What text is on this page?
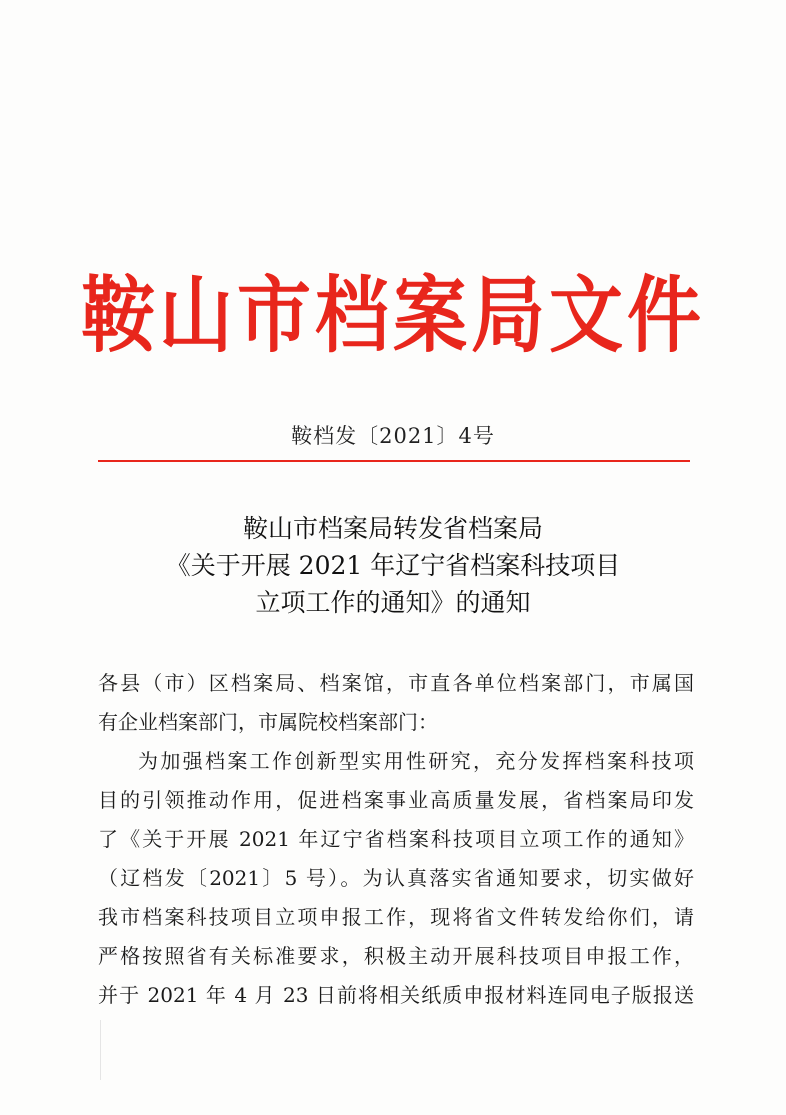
鞍山市档案局文件
鞍档发〔2021〕4号
鞍山市档案局转发省档案局
《关于开展 2021 年辽宁省档案科技项目
立项工作的通知》的通知
各县（市）区档案局、档案馆，市直各单位档案部门，市属国
有企业档案部门，市属院校档案部门：
为加强档案工作创新型实用性研究，充分发挥档案科技项
目的引领推动作用，促进档案事业高质量发展，省档案局印发
了《关于开展 2021 年辽宁省档案科技项目立项工作的通知》
（辽档发〔2021〕5 号）。为认真落实省通知要求，切实做好
我市档案科技项目立项申报工作，现将省文件转发给你们，请
严格按照省有关标准要求，积极主动开展科技项目申报工作，
并于 2021 年 4 月 23 日前将相关纸质申报材料连同电子版报送
